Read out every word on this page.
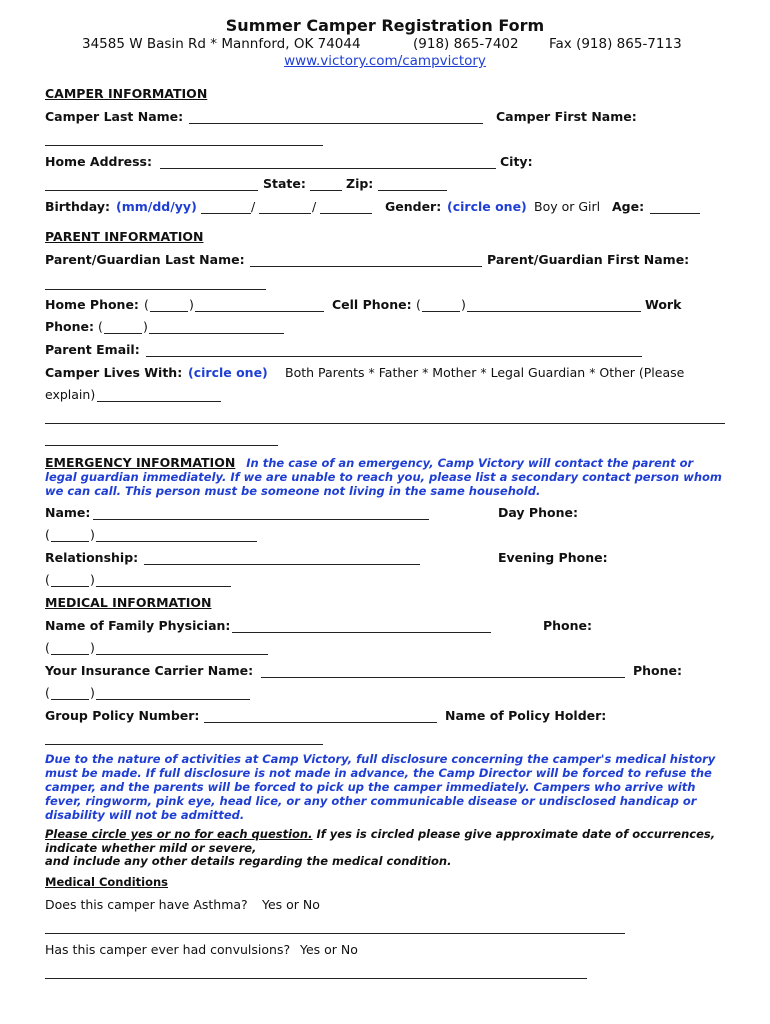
Summer Camper Registration Form
34585 W Basin Rd * Mannford, OK 74044	(918) 865-7402 Fax (918) 865-7113
www.victory.com/campvictory
CAMPER INFORMATION
Camper Last Name:	Camper First Name:
Home Address:	City:
State:	Zip:
Birthday: (mm/dd/yy)	/	/	Gender: (circle one) Boy or Girl Age:
PARENT INFORMATION
Parent/Guardian Last Name:	Parent/Guardian First Name:
Home Phone: (	)	Cell Phone: (	)	Work
Phone: (	)
Parent Email:
Camper Lives With: (circle one) Both Parents * Father * Mother * Legal Guardian * Other (Please
explain)
EMERGENCY INFORMATION In the case of an emergency, Camp Victory will contact the parent or legal guardian immediately. If we are unable to reach you, please list a secondary contact person whom we can call. This person must be someone not living in the same household.
Name:	Day Phone:
(	)
Relationship:	Evening Phone:
(	)
MEDICAL INFORMATION
Name of Family Physician:	Phone:
(	)
Your Insurance Carrier Name:	Phone:
(	)
Group Policy Number:	Name of Policy Holder:
Due to the nature of activities at Camp Victory, full disclosure concerning the camper's medical history must be made. If full disclosure is not made in advance, the Camp Director will be forced to refuse the camper, and the parents will be forced to pick up the camper immediately. Campers who arrive with fever, ringworm, pink eye, head lice, or any other communicable disease or undisclosed handicap or disability will not be admitted.
Please circle yes or no for each question. If yes is circled please give approximate date of occurrences, indicate whether mild or severe,
and include any other details regarding the medical condition.
Medical Conditions
Does this camper have Asthma? Yes or No
Has this camper ever had convulsions? Yes or No
